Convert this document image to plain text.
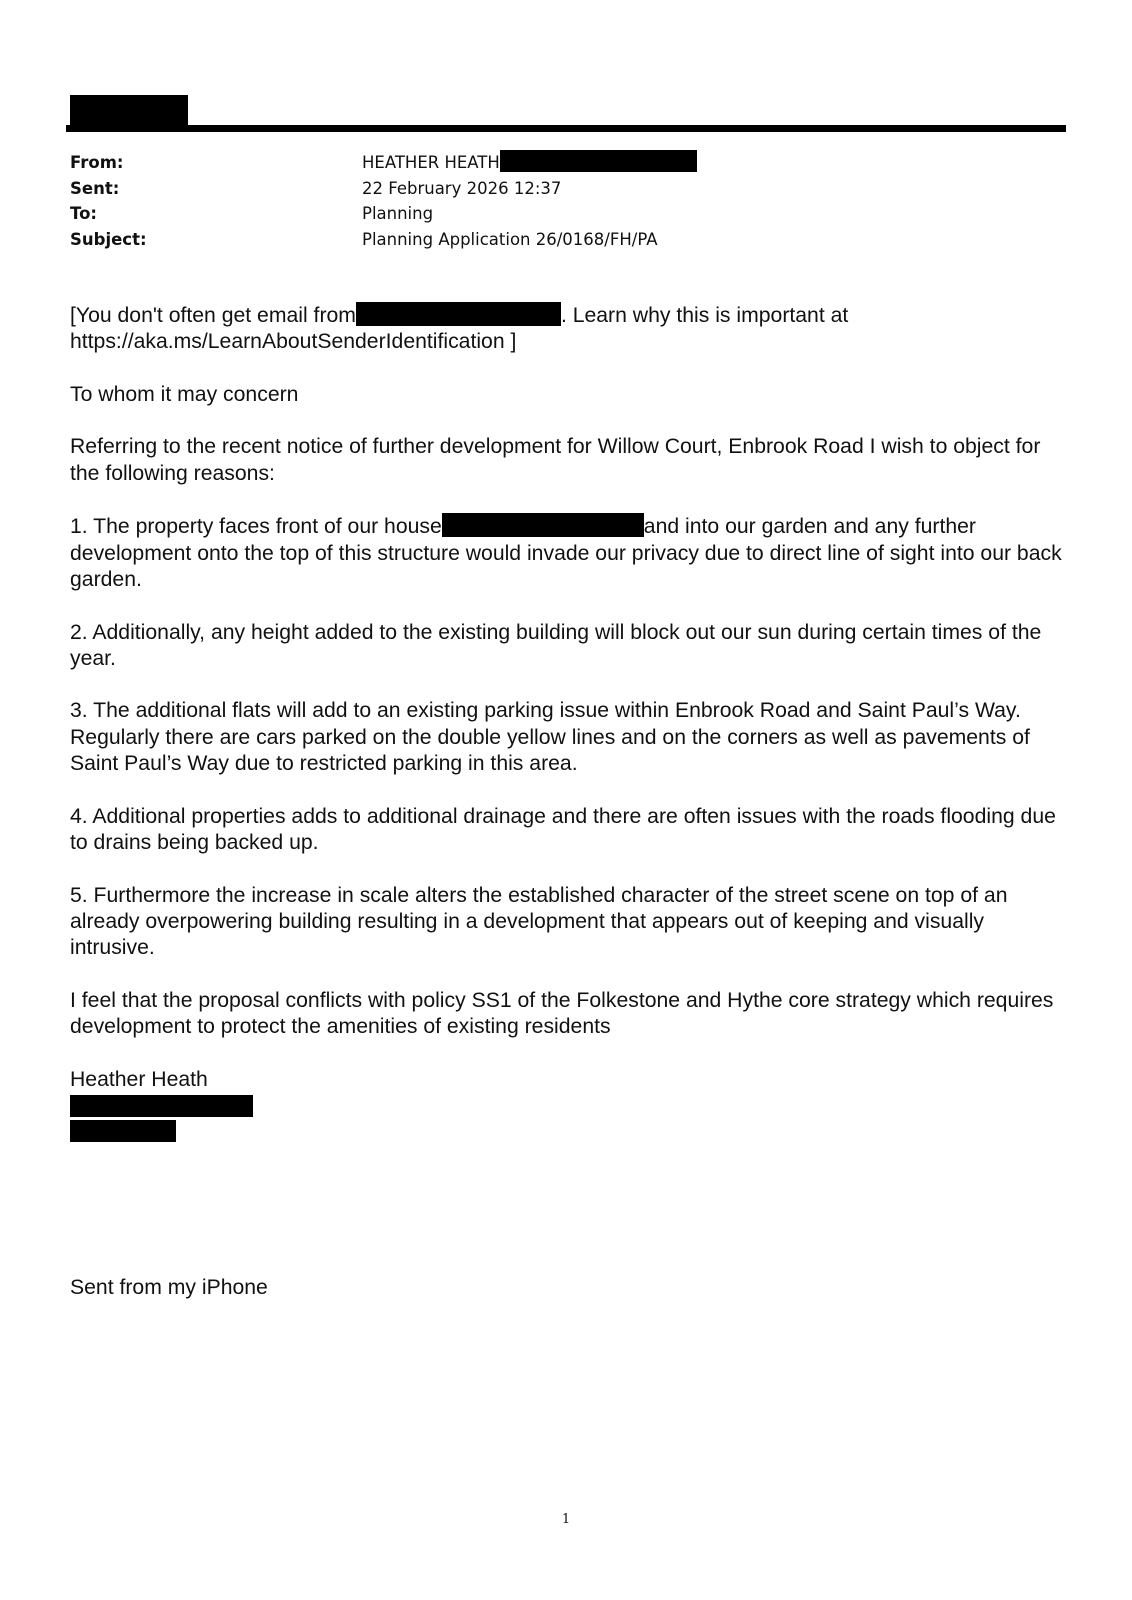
From:	HEATHER HEATH
Sent:	22 February 2026 12:37
To:	Planning
Subject:	Planning Application 26/0168/FH/PA

[You don't often get email from	. Learn why this is important at
https://aka.ms/LearnAboutSenderIdentification ]

To whom it may concern

Referring to the recent notice of further development for Willow Court, Enbrook Road I wish to object for the following reasons:

1. The property faces front of our house	and into our garden and any further development onto the top of this structure would invade our privacy due to direct line of sight into our back garden.

2. Additionally, any height added to the existing building will block out our sun during certain times of the year.

3. The additional flats will add to an existing parking issue within Enbrook Road and Saint Paul’s Way. Regularly there are cars parked on the double yellow lines and on the corners as well as pavements of Saint Paul’s Way due to restricted parking in this area.

4. Additional properties adds to additional drainage and there are often issues with the roads flooding due to drains being backed up.

5. Furthermore the increase in scale alters the established character of the street scene on top of an already overpowering building resulting in a development that appears out of keeping and visually intrusive.

I feel that the proposal conflicts with policy SS1 of the Folkestone and Hythe core strategy which requires development to protect the amenities of existing residents

Heather Heath
Sent from my iPhone
1
